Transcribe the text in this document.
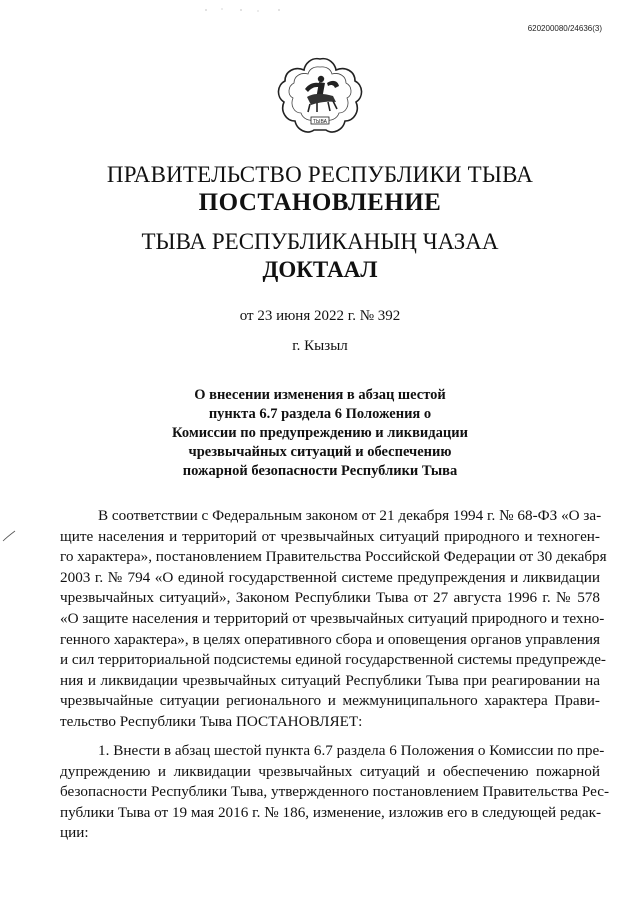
620200080/24636(3)
ТЫВА
ПРАВИТЕЛЬСТВО РЕСПУБЛИКИ ТЫВА
ПОСТАНОВЛЕНИЕ
ТЫВА РЕСПУБЛИКАНЫҢ ЧАЗАА
ДОКТААЛ
от 23 июня 2022 г. № 392
г. Кызыл
О внесении изменения в абзац шестой
пункта 6.7 раздела 6 Положения о
Комиссии по предупреждению и ликвидации
чрезвычайных ситуаций и обеспечению
пожарной безопасности Республики Тыва
В соответствии с Федеральным законом от 21 декабря 1994 г. № 68-ФЗ «О за-
щите населения и территорий от чрезвычайных ситуаций природного и техноген-
го характера», постановлением Правительства Российской Федерации от 30 декабря
2003 г. № 794 «О единой государственной системе предупреждения и ликвидации
чрезвычайных ситуаций», Законом Республики Тыва от 27 августа 1996 г. № 578
«О защите населения и территорий от чрезвычайных ситуаций природного и техно-
генного характера», в целях оперативного сбора и оповещения органов управления
и сил территориальной подсистемы единой государственной системы предупрежде-
ния и ликвидации чрезвычайных ситуаций Республики Тыва при реагировании на
чрезвычайные ситуации регионального и межмуниципального характера Прави-
тельство Республики Тыва ПОСТАНОВЛЯЕТ:
1. Внести в абзац шестой пункта 6.7 раздела 6 Положения о Комиссии по пре-
дупреждению и ликвидации чрезвычайных ситуаций и обеспечению пожарной
безопасности Республики Тыва, утвержденного постановлением Правительства Рес-
публики Тыва от 19 мая 2016 г. № 186, изменение, изложив его в следующей редак-
ции:
